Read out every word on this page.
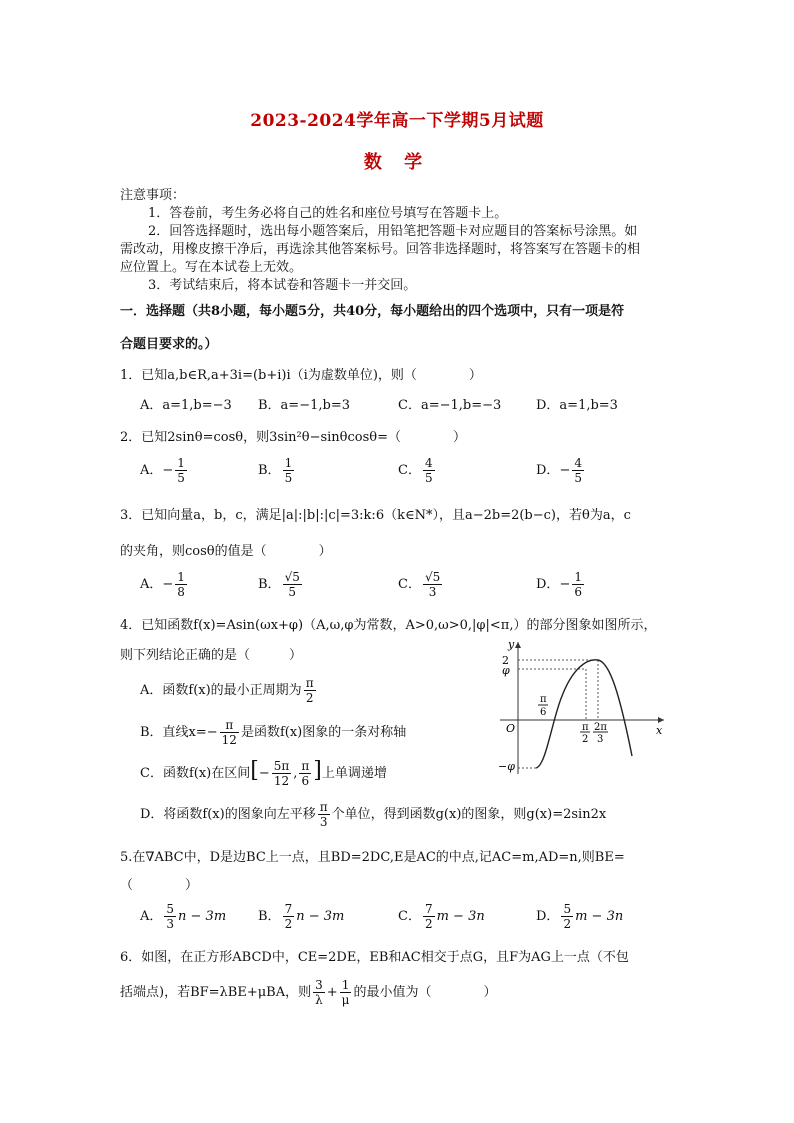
2023-2024学年高一下学期5月试题
数 学
注意事项：
1．答卷前，考生务必将自己的姓名和座位号填写在答题卡上。
2．回答选择题时，选出每小题答案后，用铅笔把答题卡对应题目的答案标号涂黑。如
需改动，用橡皮擦干净后，再选涂其他答案标号。回答非选择题时，将答案写在答题卡的相
应位置上。写在本试卷上无效。
3．考试结束后，将本试卷和答题卡一并交回。
一．选择题（共8小题，每小题5分，共40分，每小题给出的四个选项中，只有一项是符
合题目要求的。）
1．已知a,b∈R,a+3i=(b+i)i（i为虚数单位)，则（　　　　）
A．a=1,b=−3 B．a=−1,b=3	C．a=−1,b=−3	D．a=1,b=3
2．已知2sinθ=cosθ，则3sin²θ−sinθcosθ=（　　　　）
A．− $\frac{1}{5}$	B． $\frac{1}{5}$	C． $\frac{4}{5}$	D．− $\frac{4}{5}$
3．已知向量a，b，c，满足|a|:|b|:|c|=3:k:6（k∈N*），且a−2b=2(b−c)，若θ为a，c
的夹角，则cosθ的值是（　　　　）
A．− $\frac{1}{8}$	B． $\frac{√5}{5}$	C． $\frac{√5}{3}$	D．− $\frac{1}{6}$
4．已知函数f(x)=Asin(ωx+φ)（A,ω,φ为常数，A>0,ω>0,|φ|<π,）的部分图象如图所示，
则下列结论正确的是（　　　）
A．函数f(x)的最小正周期为 $\frac{\pi}{2}$
B．直线$x=- \frac{\pi}{12}$ 是函数f(x)图象的一条对称轴
C．函数f(x)在区间[− $\frac{5\pi}{12}$ , $\frac{\pi}{6}$ ]上单调递增
D．将函数f(x)的图象向左平移 $\frac{\pi}{3}$ 个单位，得到函数g(x)的图象，则g(x)=2sin2x
y
x
O
2
φ
−φ
π
6
π
2
2π
3
5.在∇ABC中，D是边BC上一点，且BD=2DC,E是AC的中点,记AC=m,AD=n,则BE=
（　　　　）
A． $\frac{5}{3}$ n − 3m B． $\frac{7}{2}$ n − 3m	C． $\frac{7}{2}$ m − 3n	D． $\frac{5}{2}$ m − 3n
6．如图，在正方形ABCD中，CE=2DE，EB和AC相交于点G，且F为AG上一点（不包
括端点)，若BF=λBE+μBA，则 $\frac{3}{\lambda} + \frac{1}{\mu}$ 的最小值为（　　　　）
